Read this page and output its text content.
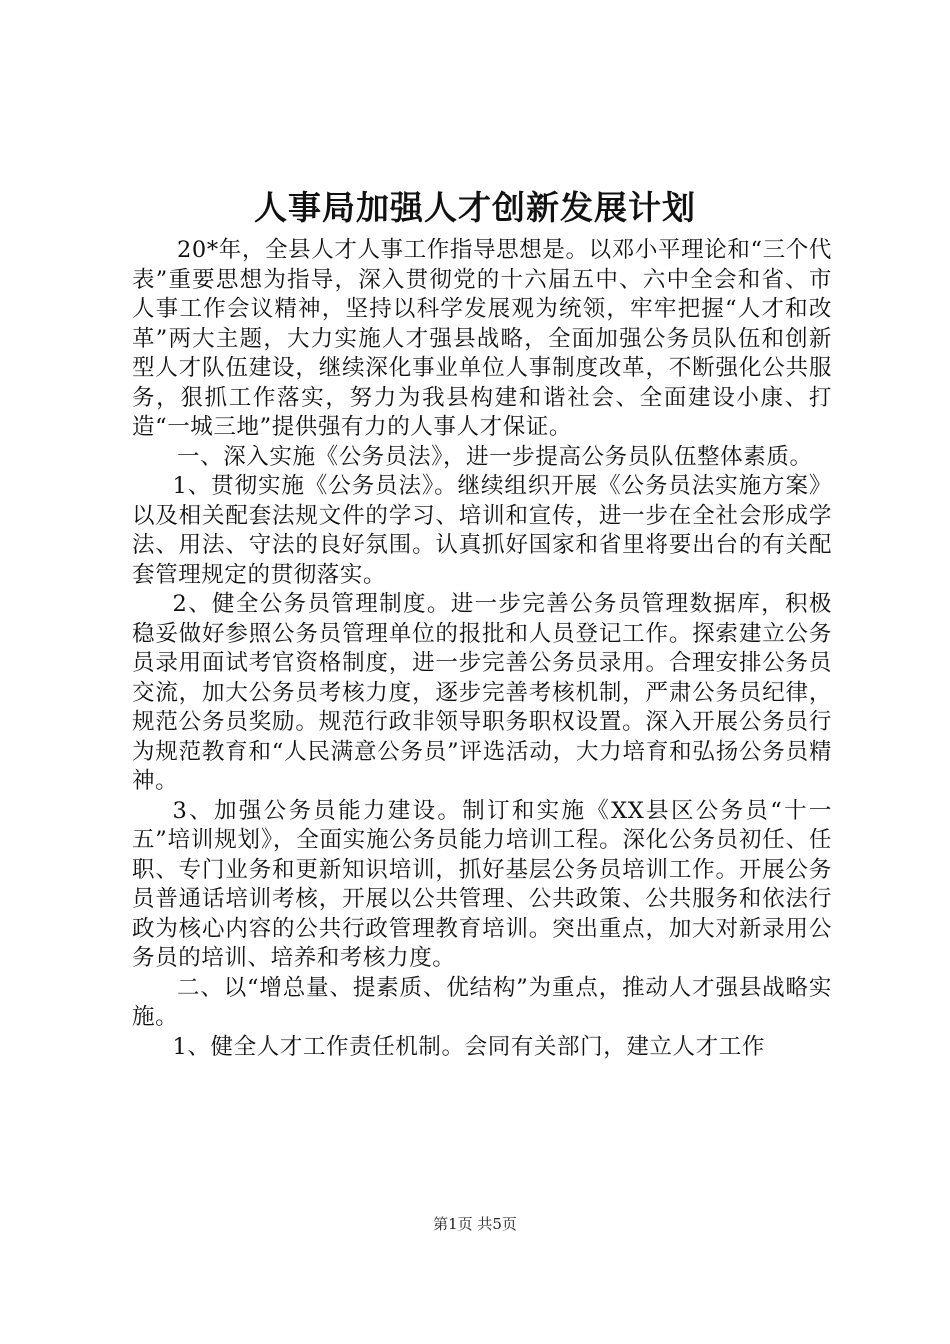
人事局加强人才创新发展计划

20*年，全县人才人事工作指导思想是。以邓小平理论和“三个代表”重要思想为指导，深入贯彻党的十六届五中、六中全会和省、市人事工作会议精神，坚持以科学发展观为统领，牢牢把握“人才和改革”两大主题，大力实施人才强县战略，全面加强公务员队伍和创新型人才队伍建设，继续深化事业单位人事制度改革，不断强化公共服务，狠抓工作落实，努力为我县构建和谐社会、全面建设小康、打造“一城三地”提供强有力的人事人才保证。

一、深入实施《公务员法》，进一步提高公务员队伍整体素质。

1、贯彻实施《公务员法》。继续组织开展《公务员法实施方案》以及相关配套法规文件的学习、培训和宣传，进一步在全社会形成学法、用法、守法的良好氛围。认真抓好国家和省里将要出台的有关配套管理规定的贯彻落实。

2、健全公务员管理制度。进一步完善公务员管理数据库，积极稳妥做好参照公务员管理单位的报批和人员登记工作。探索建立公务员录用面试考官资格制度，进一步完善公务员录用。合理安排公务员交流，加大公务员考核力度，逐步完善考核机制，严肃公务员纪律，规范公务员奖励。规范行政非领导职务职权设置。深入开展公务员行为规范教育和“人民满意公务员”评选活动，大力培育和弘扬公务员精神。

3、加强公务员能力建设。制订和实施《XX县区公务员“十一五”培训规划》，全面实施公务员能力培训工程。深化公务员初任、任职、专门业务和更新知识培训，抓好基层公务员培训工作。开展公务员普通话培训考核，开展以公共管理、公共政策、公共服务和依法行政为核心内容的公共行政管理教育培训。突出重点，加大对新录用公务员的培训、培养和考核力度。

二、以“增总量、提素质、优结构”为重点，推动人才强县战略实施。

1、健全人才工作责任机制。会同有关部门，建立人才工作

第1页 共5页
